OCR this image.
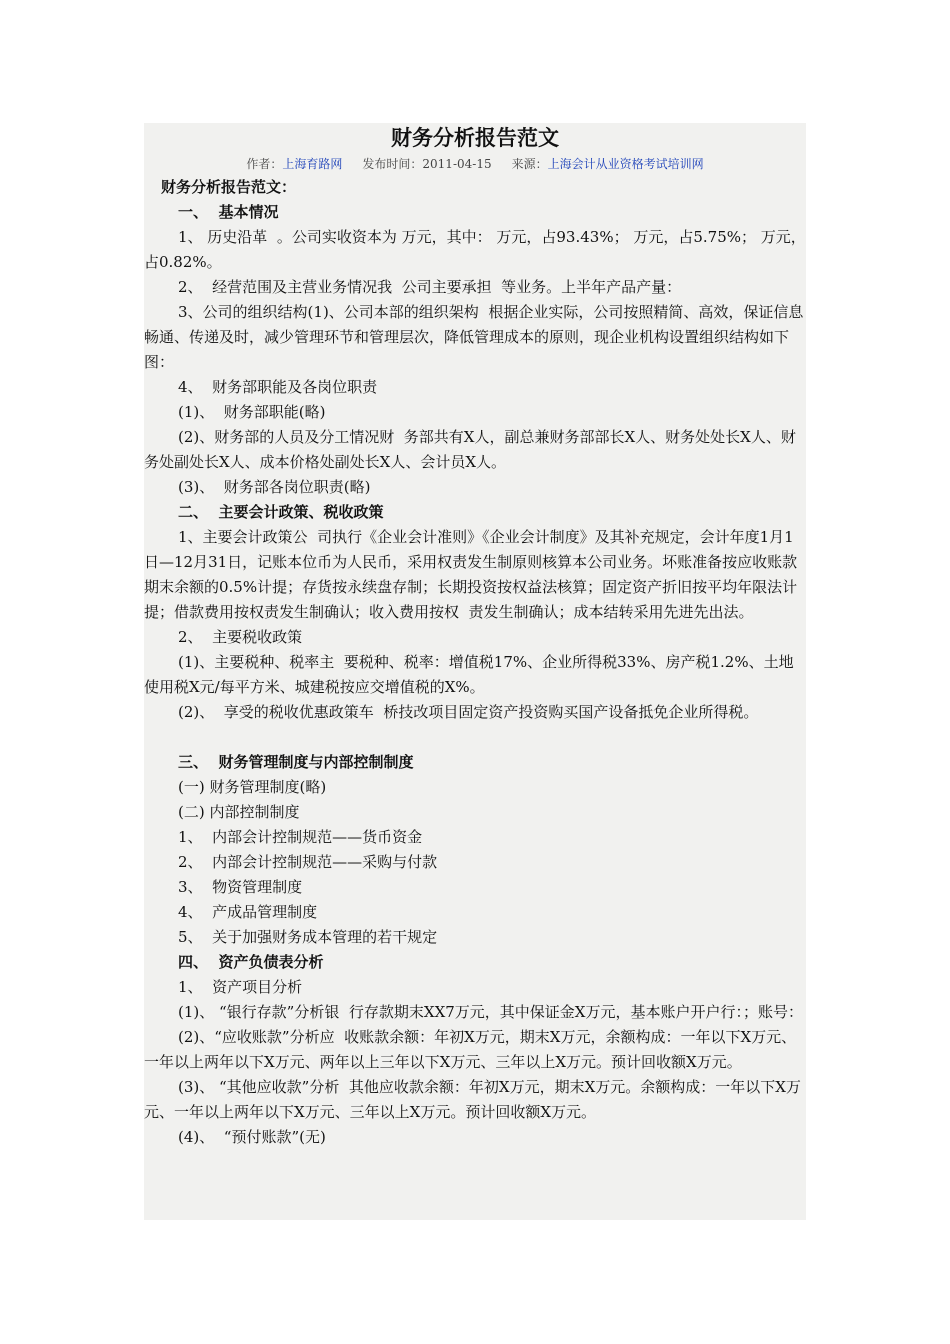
财务分析报告范文
作者：上海育路网 发布时间：2011-04-15 来源：上海会计从业资格考试培训网

财务分析报告范文：

一、  基本情况

1、 历史沿革  。公司实收资本为 万元，其中： 万元，占93.43%； 万元，占5.75%； 万元，占0.82%。

2、  经营范围及主营业务情况我  公司主要承担  等业务。上半年产品产量：

3、公司的组织结构(1)、公司本部的组织架构  根据企业实际，公司按照精简、高效，保证信息畅通、传递及时，减少管理环节和管理层次，降低管理成本的原则，现企业机构设置组织结构如下图：

4、  财务部职能及各岗位职责

(1)、  财务部职能(略)

(2)、财务部的人员及分工情况财  务部共有X人，副总兼财务部部长X人、财务处处长X人、财务处副处长X人、成本价格处副处长X人、会计员X人。

(3)、  财务部各岗位职责(略)

二、  主要会计政策、税收政策

1、主要会计政策公  司执行《企业会计准则》《企业会计制度》及其补充规定，会计年度1月1日—12月31日，记账本位币为人民币，采用权责发生制原则核算本公司业务。坏账准备按应收账款期末余额的0.5%计提；存货按永续盘存制；长期投资按权益法核算；固定资产折旧按平均年限法计提；借款费用按权责发生制确认；收入费用按权  责发生制确认；成本结转采用先进先出法。

2、  主要税收政策

(1)、主要税种、税率主  要税种、税率：增值税17%、企业所得税33%、房产税1.2%、土地使用税X元/每平方米、城建税按应交增值税的X%。

(2)、  享受的税收优惠政策车  桥技改项目固定资产投资购买国产设备抵免企业所得税。

三、  财务管理制度与内部控制制度

(一) 财务管理制度(略)

(二) 内部控制制度

1、  内部会计控制规范——货币资金

2、  内部会计控制规范——采购与付款

3、  物资管理制度

4、  产成品管理制度

5、  关于加强财务成本管理的若干规定

四、  资产负债表分析

1、  资产项目分析

(1)、 “银行存款”分析银  行存款期末XX7万元，其中保证金X万元，基本账户开户行：；账号：

(2)、“应收账款”分析应  收账款余额：年初X万元，期末X万元，余额构成：一年以下X万元、一年以上两年以下X万元、两年以上三年以下X万元、三年以上X万元。预计回收额X万元。

(3)、 “其他应收款”分析  其他应收款余额：年初X万元，期末X万元。余额构成：一年以下X万元、一年以上两年以下X万元、三年以上X万元。预计回收额X万元。

(4)、  “预付账款”(无)
